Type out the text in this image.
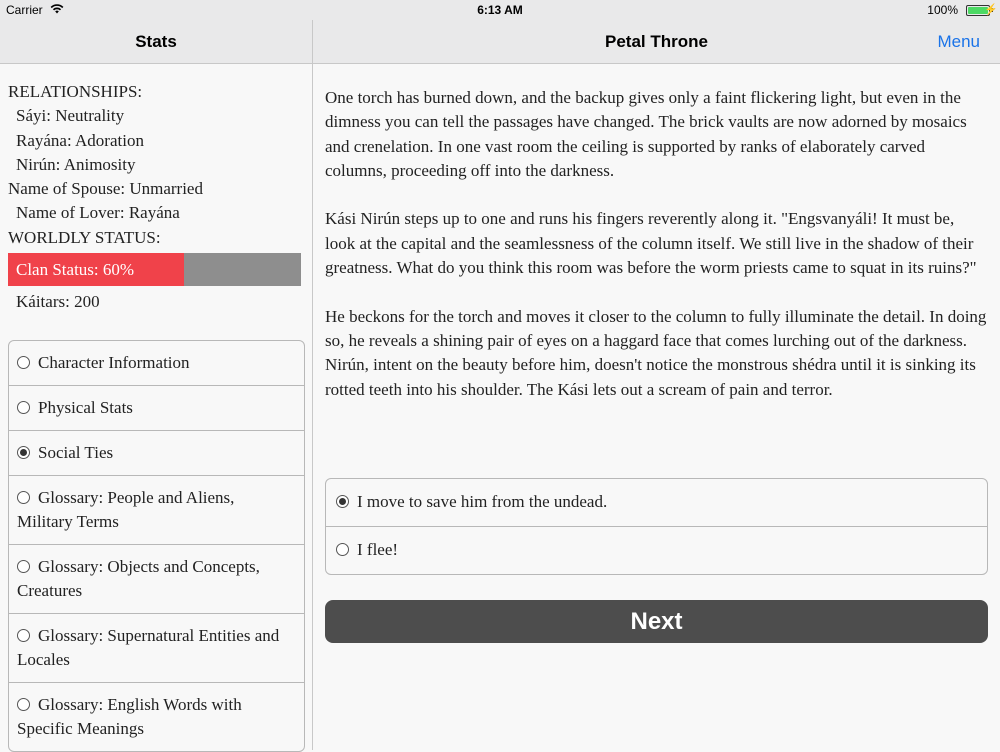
Carrier	6:13 AM	100% ⚡
Stats	Petal Throne	Menu
RELATIONSHIPS:
Sáyi: Neutrality
Rayána: Adoration
Nirún: Animosity
Name of Spouse: Unmarried
Name of Lover: Rayána
WORLDLY STATUS:
Clan Status: 60%
Káitars: 200
Character Information
Physical Stats
Social Ties
Glossary: People and Aliens, Military Terms
Glossary: Objects and Concepts, Creatures
Glossary: Supernatural Entities and Locales
Glossary: English Words with Specific Meanings

One torch has burned down, and the backup gives only a faint flickering light, but even in the dimness you can tell the passages have changed. The brick vaults are now adorned by mosaics and crenelation. In one vast room the ceiling is supported by ranks of elaborately carved columns, proceeding off into the darkness.

Kási Nirún steps up to one and runs his fingers reverently along it. "Engsvanyáli! It must be, look at the capital and the seamlessness of the column itself. We still live in the shadow of their greatness. What do you think this room was before the worm priests came to squat in its ruins?"

He beckons for the torch and moves it closer to the column to fully illuminate the detail. In doing so, he reveals a shining pair of eyes on a haggard face that comes lurching out of the darkness. Nirún, intent on the beauty before him, doesn't notice the monstrous shédra until it is sinking its rotted teeth into his shoulder. The Kási lets out a scream of pain and terror.

I move to save him from the undead.
I flee!
Next
